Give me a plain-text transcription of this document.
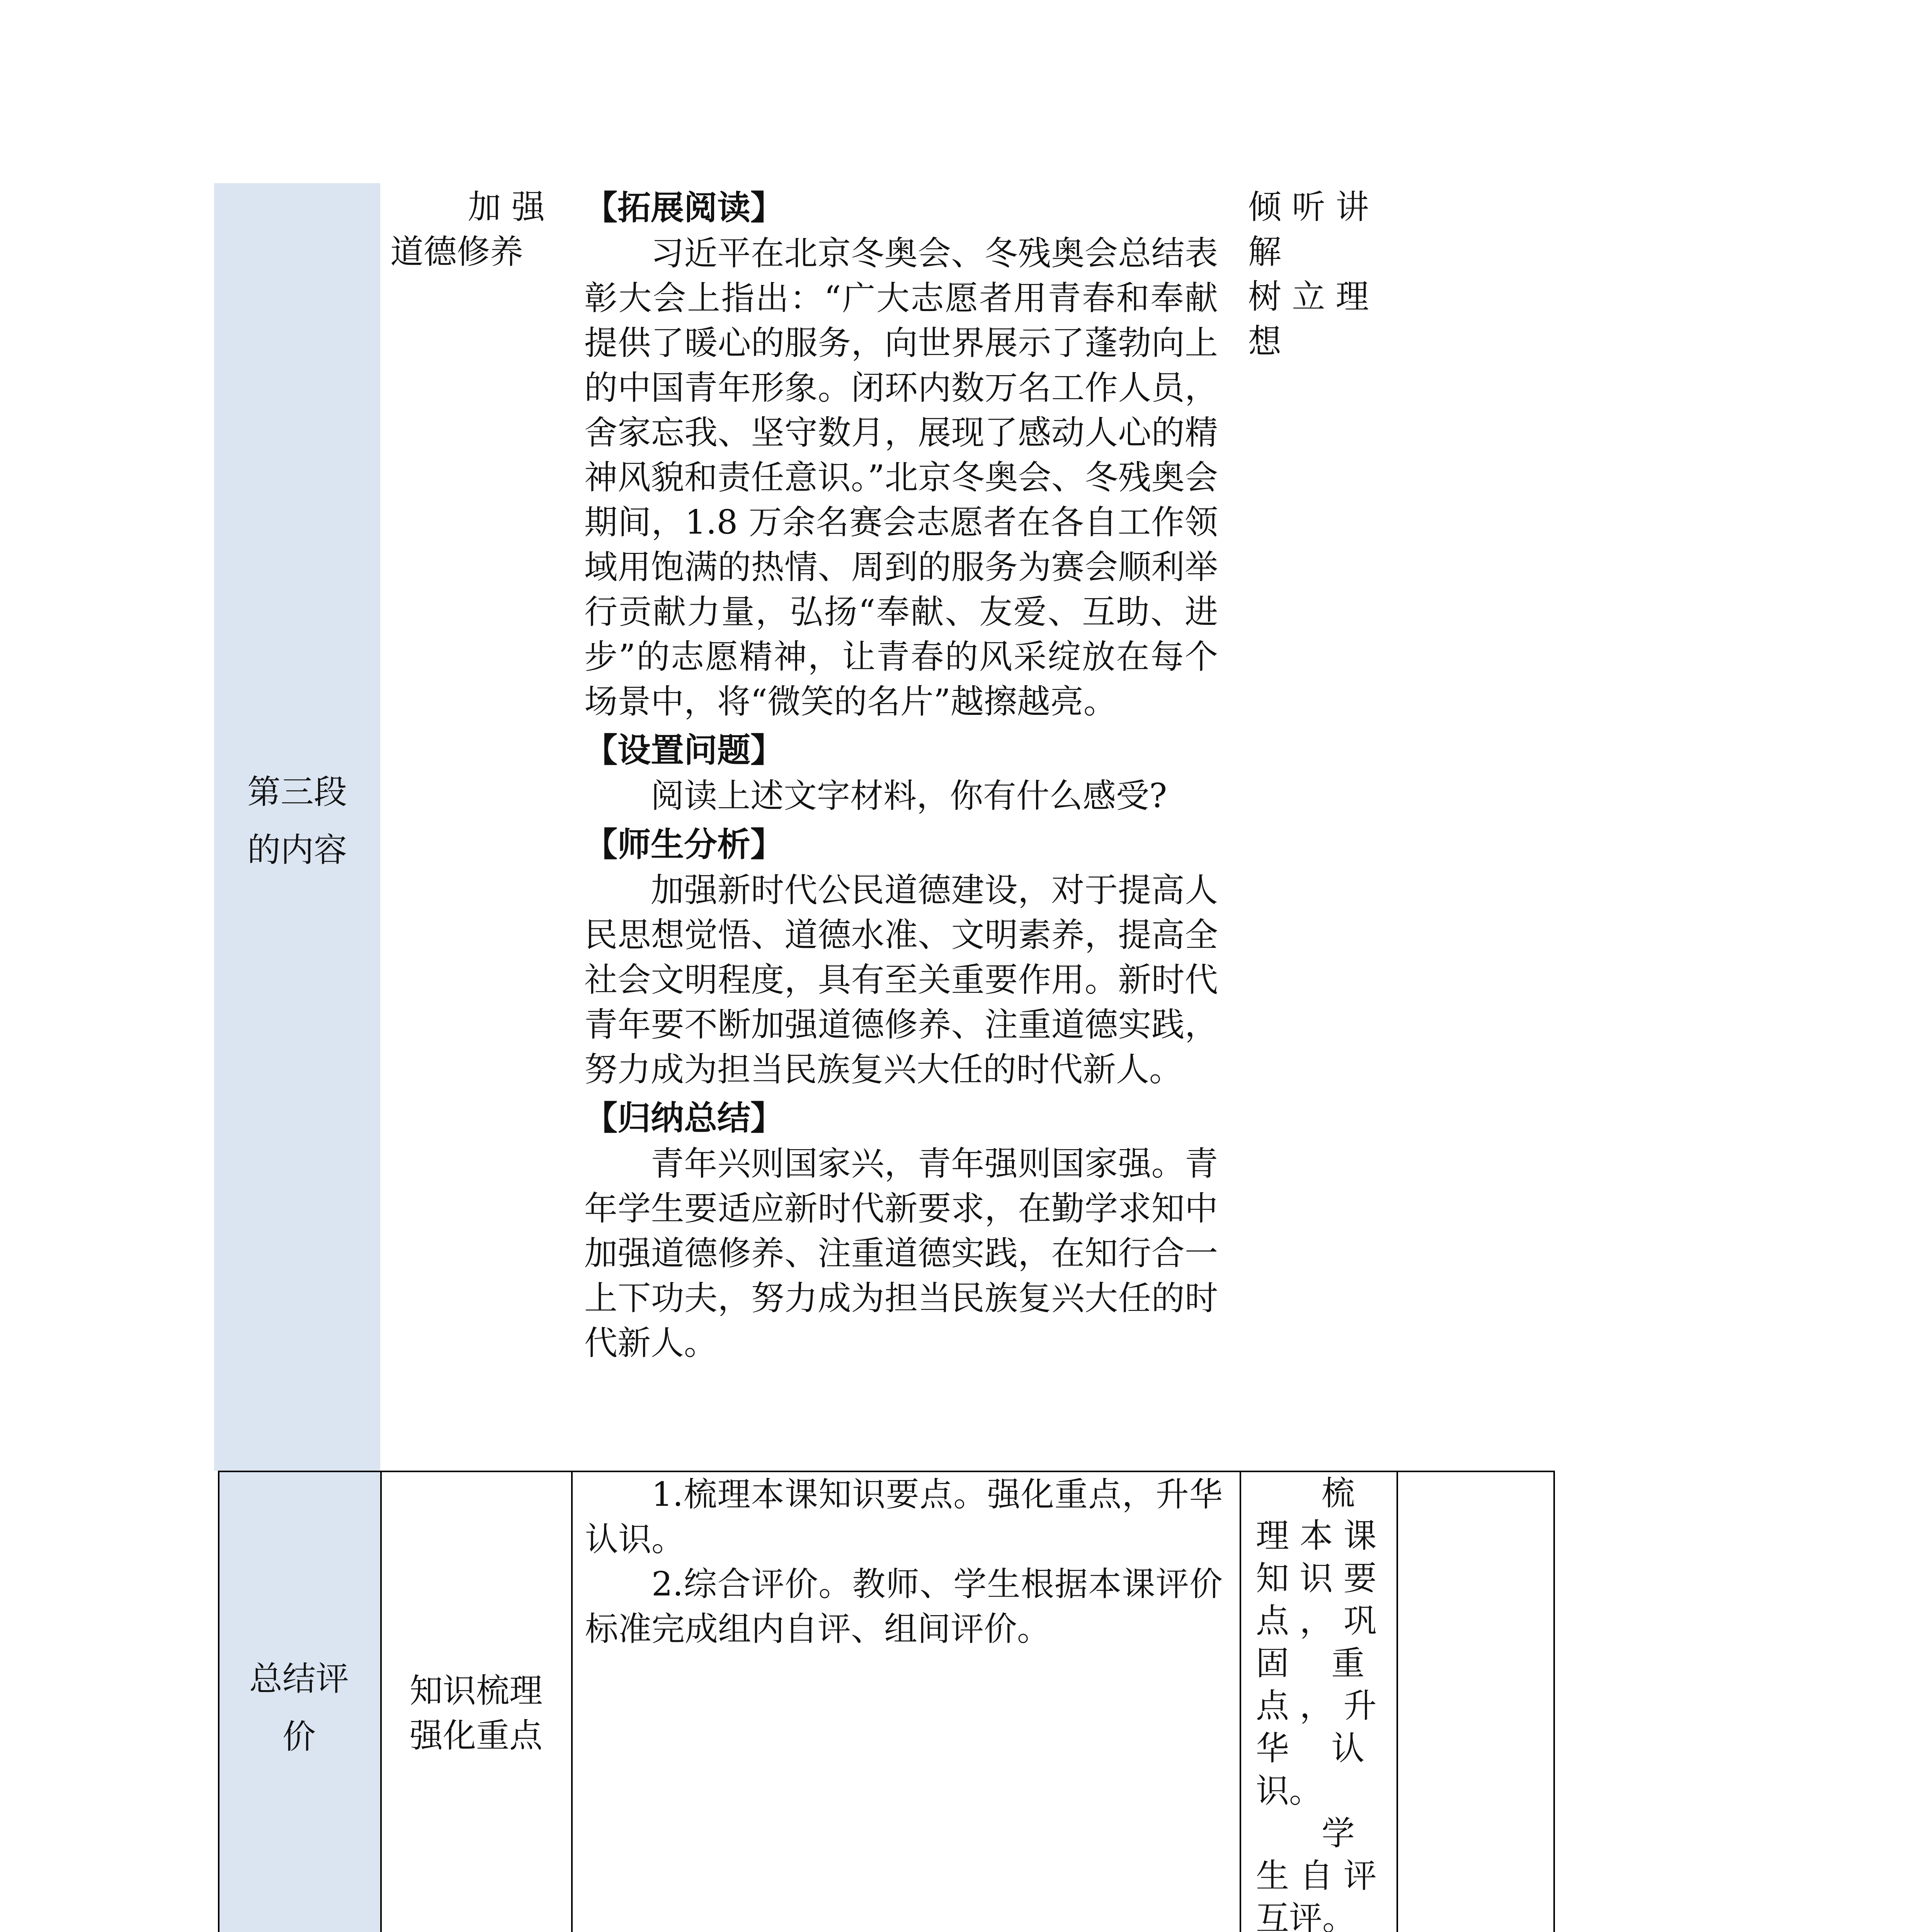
第三段
的内容
加 强
道德修养
【拓展阅读】

习近平在北京冬奥会、冬残奥会总结表彰大会上指出：“广大志愿者用青春和奉献提供了暖心的服务，向世界展示了蓬勃向上的中国青年形象。闭环内数万名工作人员，舍家忘我、坚守数月，展现了感动人心的精神风貌和责任意识。”北京冬奥会、冬残奥会期间，1.8 万余名赛会志愿者在各自工作领域用饱满的热情、周到的服务为赛会顺利举行贡献力量，弘扬“奉献、友爱、互助、进步”的志愿精神，让青春的风采绽放在每个场景中，将“微笑的名片”越擦越亮。

【设置问题】

阅读上述文字材料，你有什么感受?

【师生分析】

加强新时代公民道德建设，对于提高人民思想觉悟、道德水准、文明素养，提高全社会文明程度，具有至关重要作用。新时代青年要不断加强道德修养、注重道德实践，努力成为担当民族复兴大任的时代新人。

【归纳总结】

青年兴则国家兴，青年强则国家强。青年学生要适应新时代新要求，在勤学求知中加强道德修养、注重道德实践，在知行合一上下功夫，努力成为担当民族复兴大任的时代新人。

倾 听 讲
解
树 立 理
想
总结评
价
知识梳理
强化重点

1.梳理本课知识要点。强化重点，升华认识。

2.综合评价。教师、学生根据本课评价标准完成组内自评、组间评价。

梳
理 本 课
知 识 要
点 ， 巩
固    重
点 ， 升
华    认
识。
学
生 自 评
互评。
